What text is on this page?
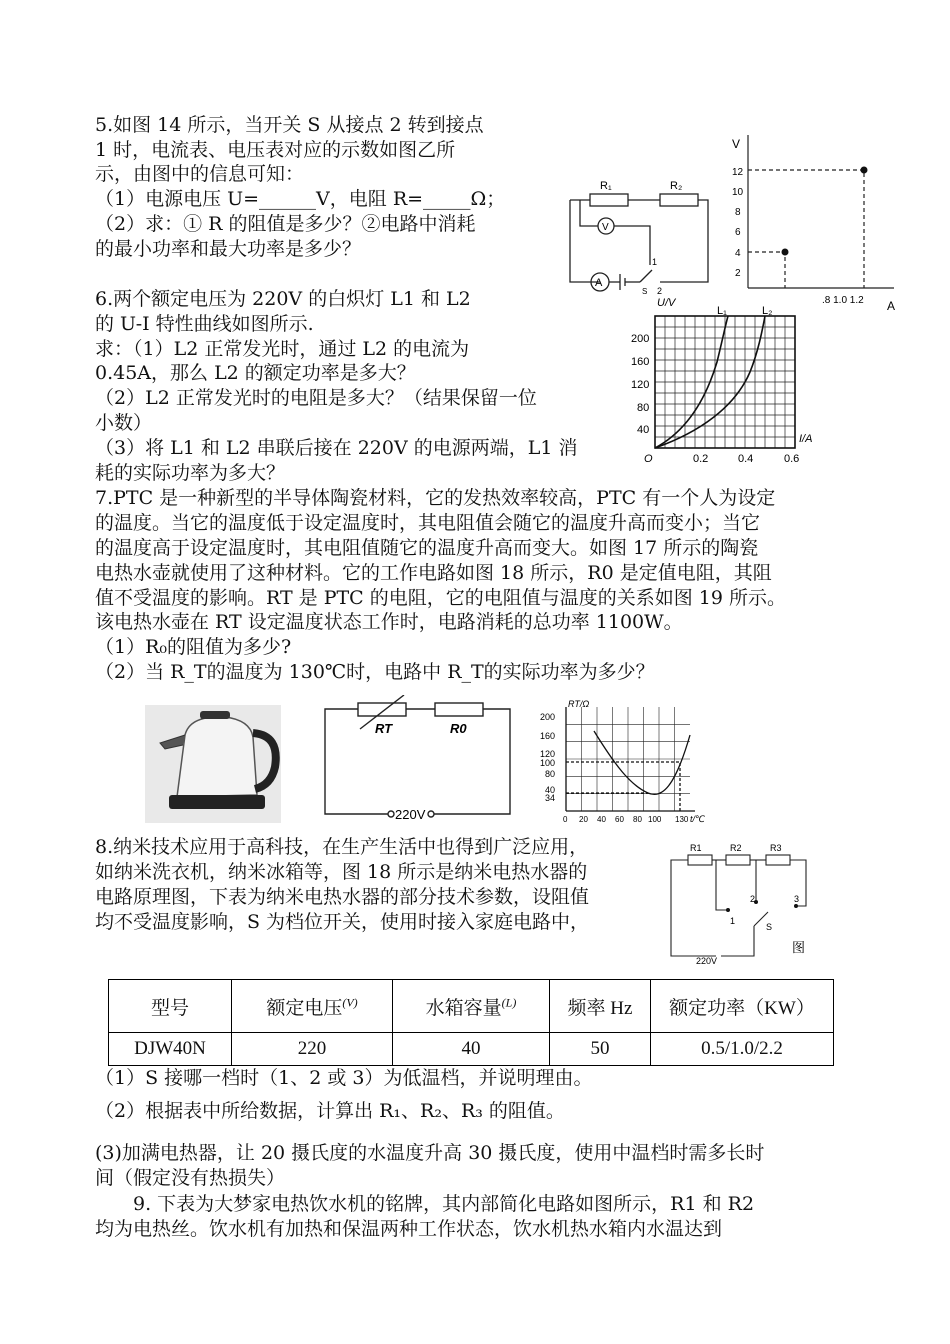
5.如图 14 所示，当开关 S 从接点 2 转到接点
1 时，电流表、电压表对应的示数如图乙所
示，由图中的信息可知：
（1）电源电压 U=______V，电阻 R=_____Ω；
（2）求：① R 的阻值是多少？②电路中消耗
的最小功率和最大功率是多少？
R₁	R₂
V
A
1
S 2
V
12
10
8
6
4
2
.8 1.0 1.2 A
6.两个额定电压为 220V 的白炽灯 L1 和 L2
的 U-I 特性曲线如图所示.
求：（1）L2 正常发光时，通过 L2 的电流为
0.45A，那么 L2 的额定功率是多大？
（2）L2 正常发光时的电阻是多大？（结果保留一位
小数）
（3）将 L1 和 L2 串联后接在 220V 的电源两端，L1 消
耗的实际功率为多大？
U/V
L₁	L₂
200
160
120
80
40
O	0.2	0.4	0.6
I/A
7.PTC 是一种新型的半导体陶瓷材料，它的发热效率较高，PTC 有一个人为设定
的温度。当它的温度低于设定温度时，其电阻值会随它的温度升高而变小；当它
的温度高于设定温度时，其电阻值随它的温度升高而变大。如图 17 所示的陶瓷
电热水壶就使用了这种材料。它的工作电路如图 18 所示，R0 是定值电阻，其阻
值不受温度的影响。RT 是 PTC 的电阻，它的电阻值与温度的关系如图 19 所示。
该电热水壶在 RT 设定温度状态工作时，电路消耗的总功率 1100W。
（1）R₀的阻值为多少?
（2）当 R_T的温度为 130℃时，电路中 R_T的实际功率为多少？
RT	R0
220V
RT/Ω
200
160
120
100
80
40
34
0 20 40 60 80 100 130 t/℃
8.纳米技术应用于高科技，在生产生活中也得到广泛应用，
如纳米洗衣机，纳米冰箱等，图 18 所示是纳米电热水器的
电路原理图，下表为纳米电热水器的部分技术参数，设阻值
均不受温度影响，S 为档位开关，使用时接入家庭电路中，
R1	R2	R3
1
2	3
S
220V
图
型号	额定电压$^{(V)}$	水箱容量$^{(L)}$	频率 Hz	额定功率（KW）
DJW40N	220	40	50	0.5/1.0/2.2
（1）S 接哪一档时（1、2 或 3）为低温档，并说明理由。
（2）根据表中所给数据，计算出 R₁、R₂、R₃ 的阻值。
(3)加满电热器，让 20 摄氏度的水温度升高 30 摄氏度，使用中温档时需多长时
间（假定没有热损失）
　　9. 下表为大梦家电热饮水机的铭牌，其内部简化电路如图所示，R1 和 R2
均为电热丝。饮水机有加热和保温两种工作状态，饮水机热水箱内水温达到
